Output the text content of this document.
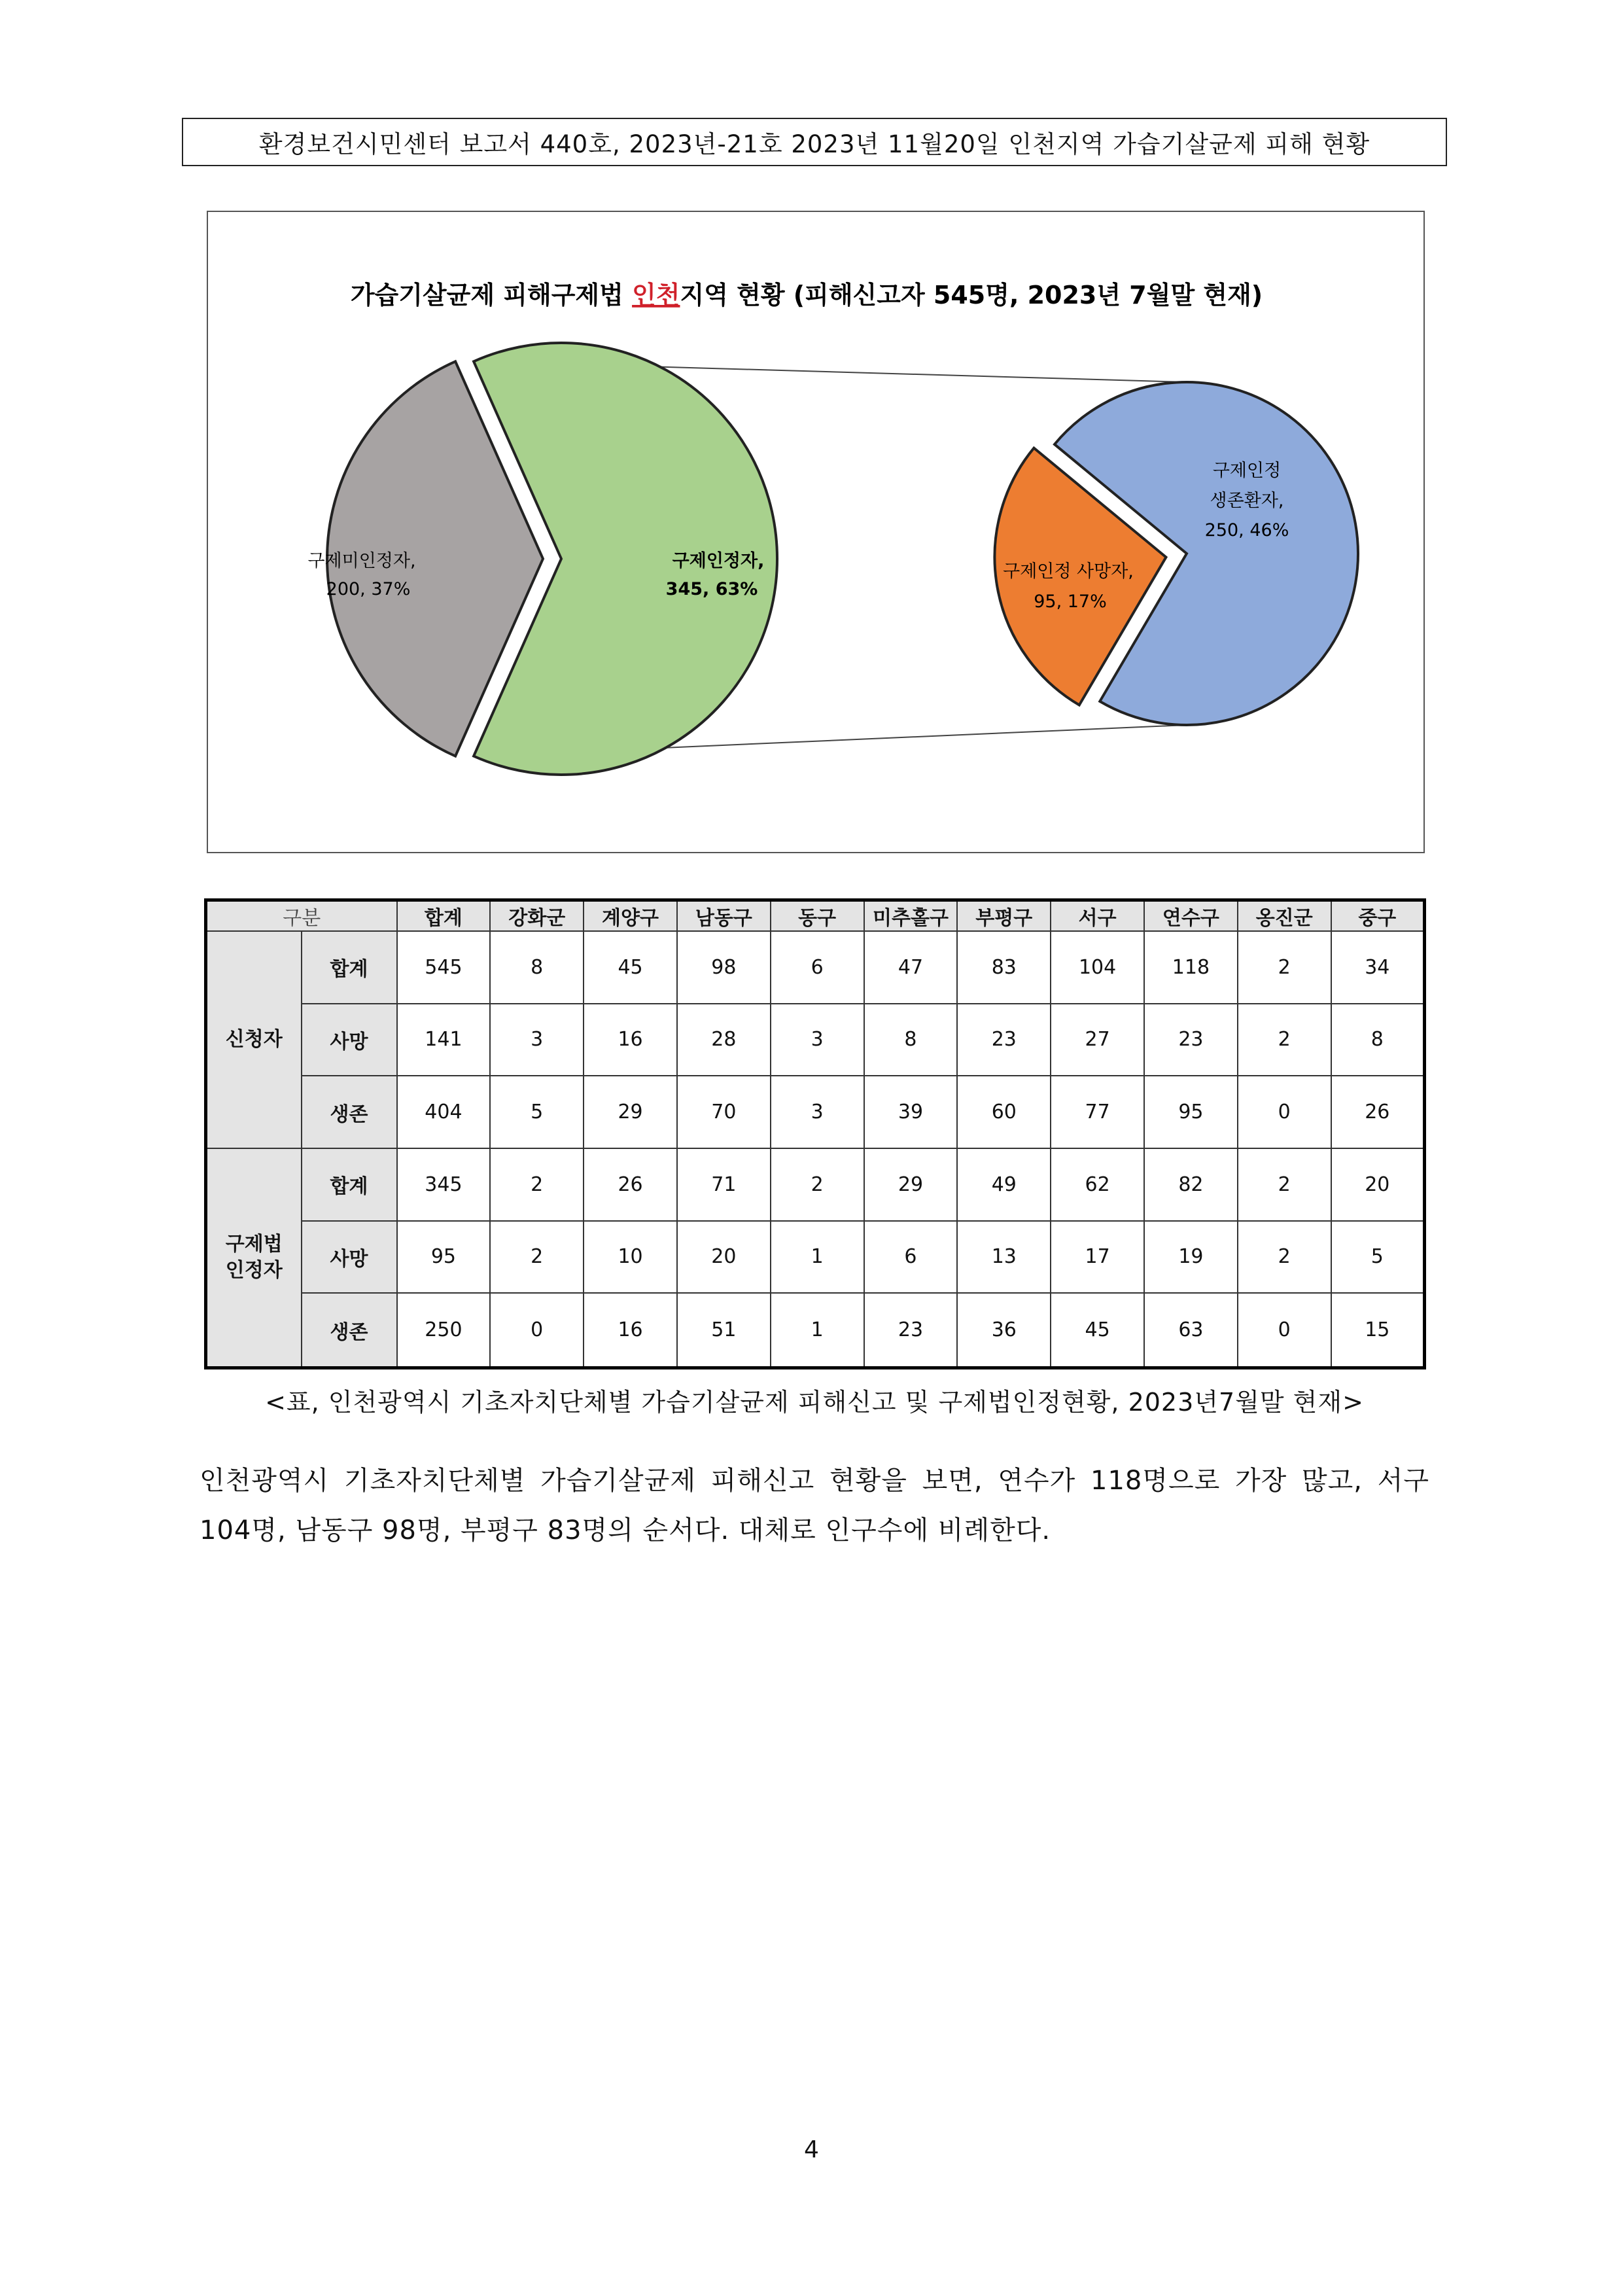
환경보건시민센터 보고서 440호, 2023년-21호 2023년 11월20일 인천지역 가습기살균제 피해 현황
가습기살균제 피해구제법 인천지역 현황 (피해신고자 545명, 2023년 7월말 현재)
구제미인정자,
200, 37%
구제인정자,
345, 63%
구제인정
생존환자,
250, 46%
구제인정 사망자,
95, 17%
구분		합계	강화군	계양구	남동구	동구	미추홀구	부평구	서구	연수구	옹진군	중구
신청자	합계	545	8	45	98	6	47	83	104	118	2	34
	사망	141	3	16	28	3	8	23	27	23	2	8
	생존	404	5	29	70	3	39	60	77	95	0	26
구제법
인정자	합계	345	2	26	71	2	29	49	62	82	2	20
	사망	95	2	10	20	1	6	13	17	19	2	5
	생존	250	0	16	51	1	23	36	45	63	0	15
<표, 인천광역시 기초자치단체별 가습기살균제 피해신고 및 구제법인정현황, 2023년7월말 현재>
인천광역시 기초자치단체별 가습기살균제 피해신고 현황을 보면, 연수가 118명으로 가장 많고, 서구 104명, 남동구 98명, 부평구 83명의 순서다. 대체로 인구수에 비례한다.
4
